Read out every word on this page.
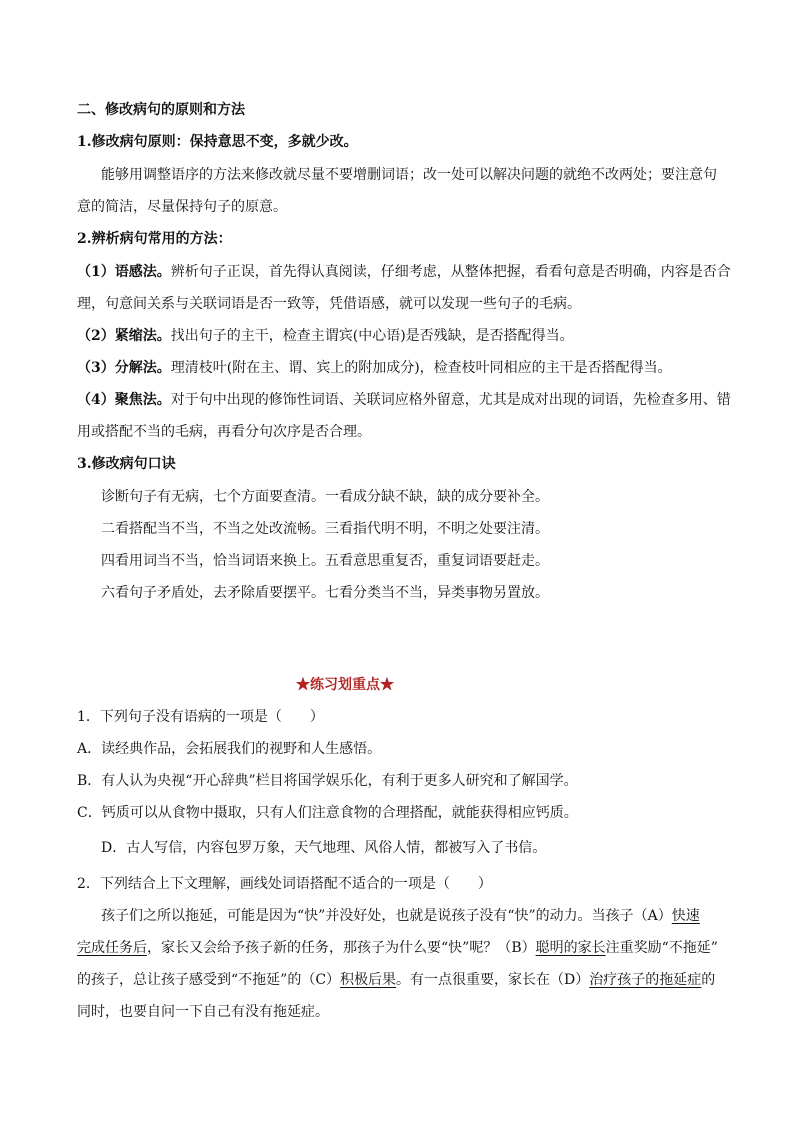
二、修改病句的原则和方法
1.修改病句原则：保持意思不变，多就少改。
能够用调整语序的方法来修改就尽量不要增删词语；改一处可以解决问题的就绝不改两处；要注意句
意的简洁，尽量保持句子的原意。
2.辨析病句常用的方法：
（1）语感法。辨析句子正误，首先得认真阅读，仔细考虑，从整体把握，看看句意是否明确，内容是否合
理，句意间关系与关联词语是否一致等，凭借语感，就可以发现一些句子的毛病。
（2）紧缩法。找出句子的主干，检查主谓宾(中心语)是否残缺，是否搭配得当。
（3）分解法。理清枝叶(附在主、谓、宾上的附加成分)，检查枝叶同相应的主干是否搭配得当。
（4）聚焦法。对于句中出现的修饰性词语、关联词应格外留意，尤其是成对出现的词语，先检查多用、错
用或搭配不当的毛病，再看分句次序是否合理。
3.修改病句口诀
诊断句子有无病，七个方面要查清。一看成分缺不缺，缺的成分要补全。
二看搭配当不当，不当之处改流畅。三看指代明不明，不明之处要注清。
四看用词当不当，恰当词语来换上。五看意思重复否，重复词语要赶走。
六看句子矛盾处，去矛除盾要摆平。七看分类当不当，异类事物另置放。
★练习划重点★
1．下列句子没有语病的一项是（　　）
A．读经典作品，会拓展我们的视野和人生感悟。
B．有人认为央视“开心辞典”栏目将国学娱乐化，有利于更多人研究和了解国学。
C．钙质可以从食物中摄取，只有人们注意食物的合理搭配，就能获得相应钙质。
D．古人写信，内容包罗万象，天气地理、风俗人情，都被写入了书信。
2．下列结合上下文理解，画线处词语搭配不适合的一项是（　　）
孩子们之所以拖延，可能是因为“快”并没好处，也就是说孩子没有“快”的动力。当孩子（A）快速
完成任务后，家长又会给予孩子新的任务，那孩子为什么要“快”呢？（B）聪明的家长注重奖励“不拖延”
的孩子，总让孩子感受到“不拖延”的（C）积极后果。有一点很重要，家长在（D）治疗孩子的拖延症的
同时，也要自问一下自己有没有拖延症。
